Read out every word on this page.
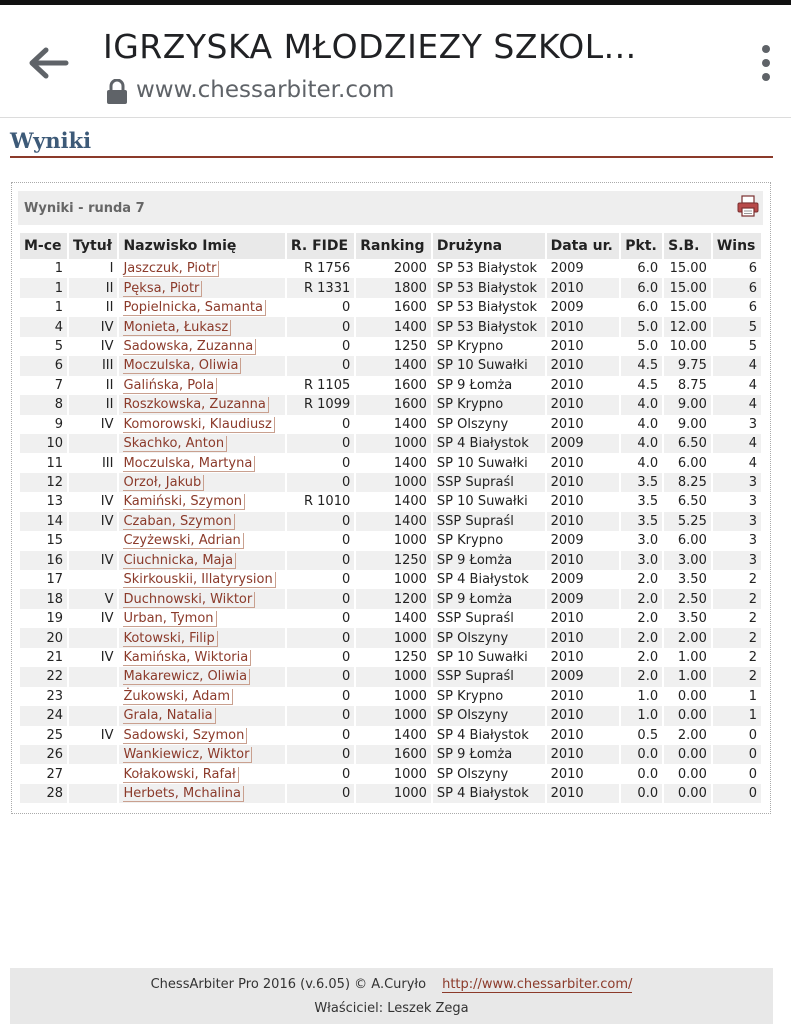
IGRZYSKA MŁODZIEZY SZKOL...
www.chessarbiter.com
Wyniki
Wyniki - runda 7
M-ce	Tytuł	Nazwisko Imię	R. FIDE	Ranking	Drużyna	Data ur.	Pkt.	S.B.	Wins
1	I	Jaszczuk, Piotr	R 1756	2000	SP 53 Białystok	2009	6.0	15.00	6
1	II	Pęksa, Piotr	R 1331	1800	SP 53 Białystok	2010	6.0	15.00	6
1	II	Popielnicka, Samanta	0	1600	SP 53 Białystok	2009	6.0	15.00	6
4	IV	Monieta, Łukasz	0	1400	SP 53 Białystok	2010	5.0	12.00	5
5	IV	Sadowska, Zuzanna	0	1250	SP Krypno	2010	5.0	10.00	5
6	III	Moczulska, Oliwia	0	1400	SP 10 Suwałki	2010	4.5	9.75	4
7	II	Galińska, Pola	R 1105	1600	SP 9 Łomża	2010	4.5	8.75	4
8	II	Roszkowska, Zuzanna	R 1099	1600	SP Krypno	2010	4.0	9.00	4
9	IV	Komorowski, Klaudiusz	0	1400	SP Olszyny	2010	4.0	9.00	3
10		Skachko, Anton	0	1000	SP 4 Białystok	2009	4.0	6.50	4
11	III	Moczulska, Martyna	0	1400	SP 10 Suwałki	2010	4.0	6.00	4
12		Orzoł, Jakub	0	1000	SSP Supraśl	2010	3.5	8.25	3
13	IV	Kamiński, Szymon	R 1010	1400	SP 10 Suwałki	2010	3.5	6.50	3
14	IV	Czaban, Szymon	0	1400	SSP Supraśl	2010	3.5	5.25	3
15		Czyżewski, Adrian	0	1000	SP Krypno	2009	3.0	6.00	3
16	IV	Ciuchnicka, Maja	0	1250	SP 9 Łomża	2010	3.0	3.00	3
17		Skirkouskii, Illatyrysion	0	1000	SP 4 Białystok	2009	2.0	3.50	2
18	V	Duchnowski, Wiktor	0	1200	SP 9 Łomża	2009	2.0	2.50	2
19	IV	Urban, Tymon	0	1400	SSP Supraśl	2010	2.0	3.50	2
20		Kotowski, Filip	0	1000	SP Olszyny	2010	2.0	2.00	2
21	IV	Kamińska, Wiktoria	0	1250	SP 10 Suwałki	2010	2.0	1.00	2
22		Makarewicz, Oliwia	0	1000	SSP Supraśl	2009	2.0	1.00	2
23		Żukowski, Adam	0	1000	SP Krypno	2010	1.0	0.00	1
24		Grala, Natalia	0	1000	SP Olszyny	2010	1.0	0.00	1
25	IV	Sadowski, Szymon	0	1400	SP 4 Białystok	2010	0.5	2.00	0
26		Wankiewicz, Wiktor	0	1600	SP 9 Łomża	2010	0.0	0.00	0
27		Kołakowski, Rafał	0	1000	SP Olszyny	2010	0.0	0.00	0
28		Herbets, Mchalina	0	1000	SP 4 Białystok	2010	0.0	0.00	0
ChessArbiter Pro 2016 (v.6.05) © A.Curyło http://www.chessarbiter.com/
Właściciel: Leszek Zega
